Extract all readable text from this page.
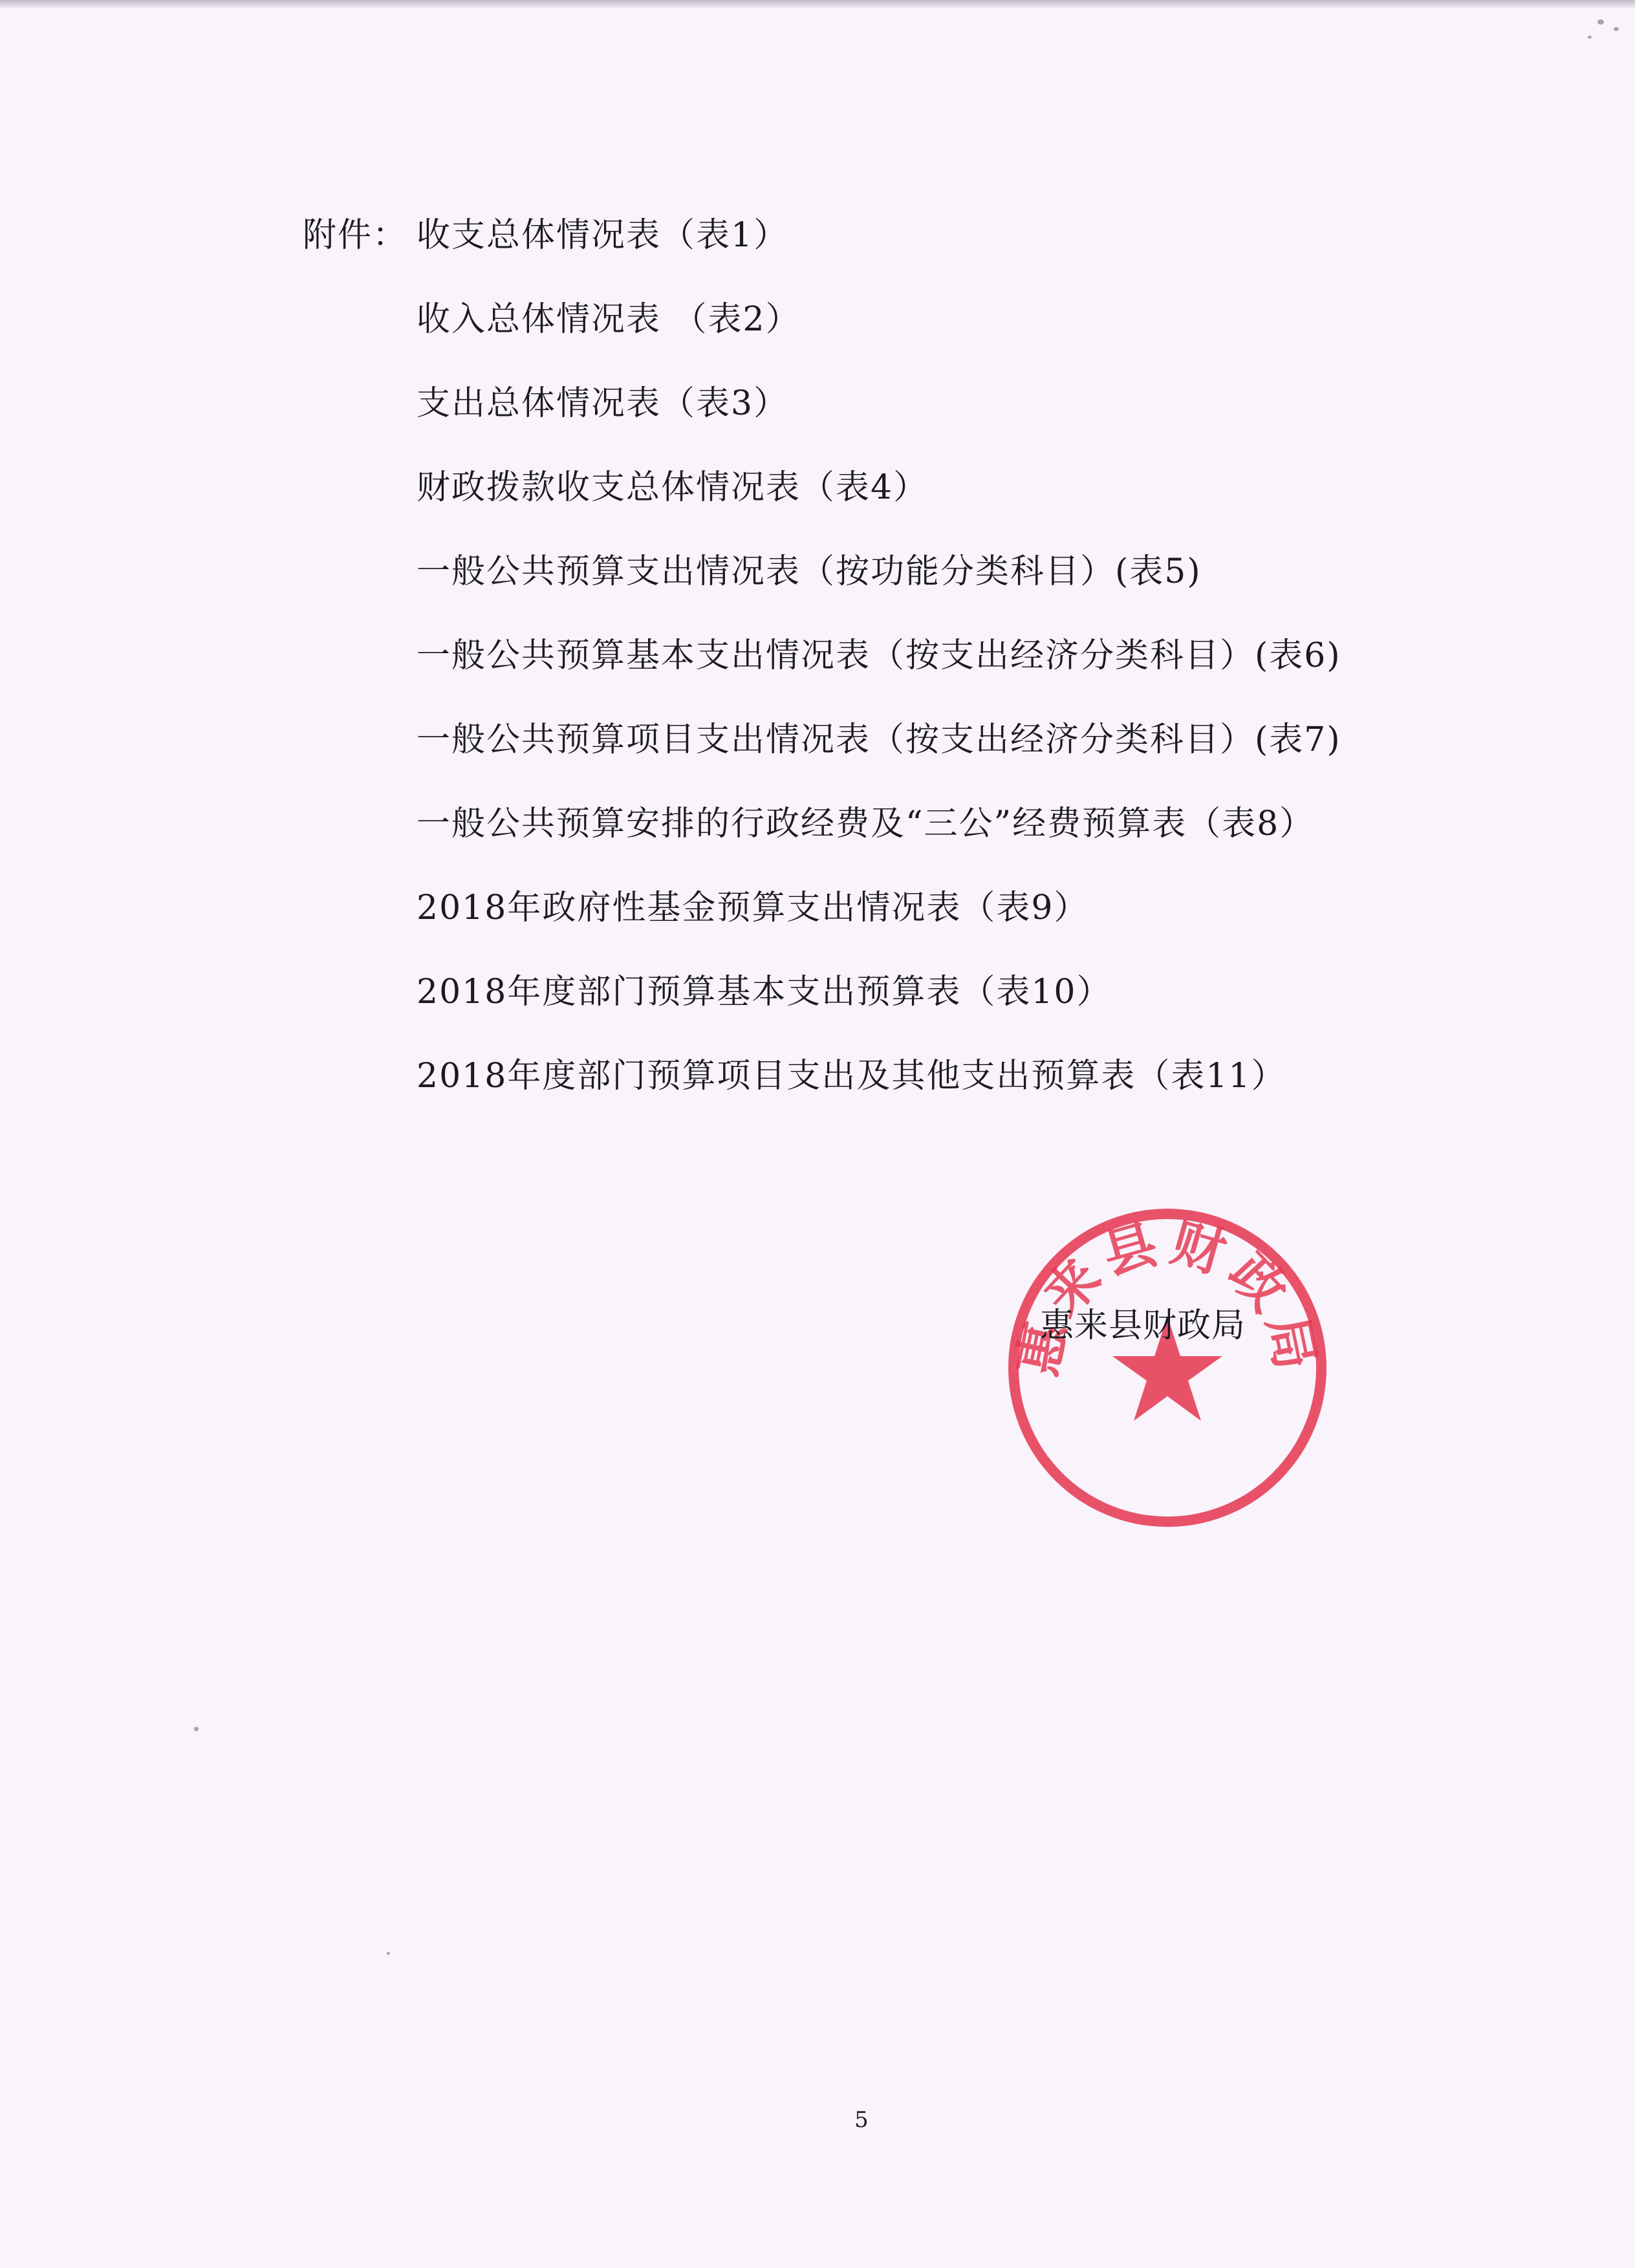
附件： 收支总体情况表（表1）
收入总体情况表 （表2）
支出总体情况表（表3）
财政拨款收支总体情况表（表4）
一般公共预算支出情况表（按功能分类科目）(表5)
一般公共预算基本支出情况表（按支出经济分类科目）(表6)
一般公共预算项目支出情况表（按支出经济分类科目）(表7)
一般公共预算安排的行政经费及“三公”经费预算表（表8）
2018年政府性基金预算支出情况表（表9）
2018年度部门预算基本支出预算表（表10）
2018年度部门预算项目支出及其他支出预算表（表11）
惠来县财政局
惠来县财政局
5
